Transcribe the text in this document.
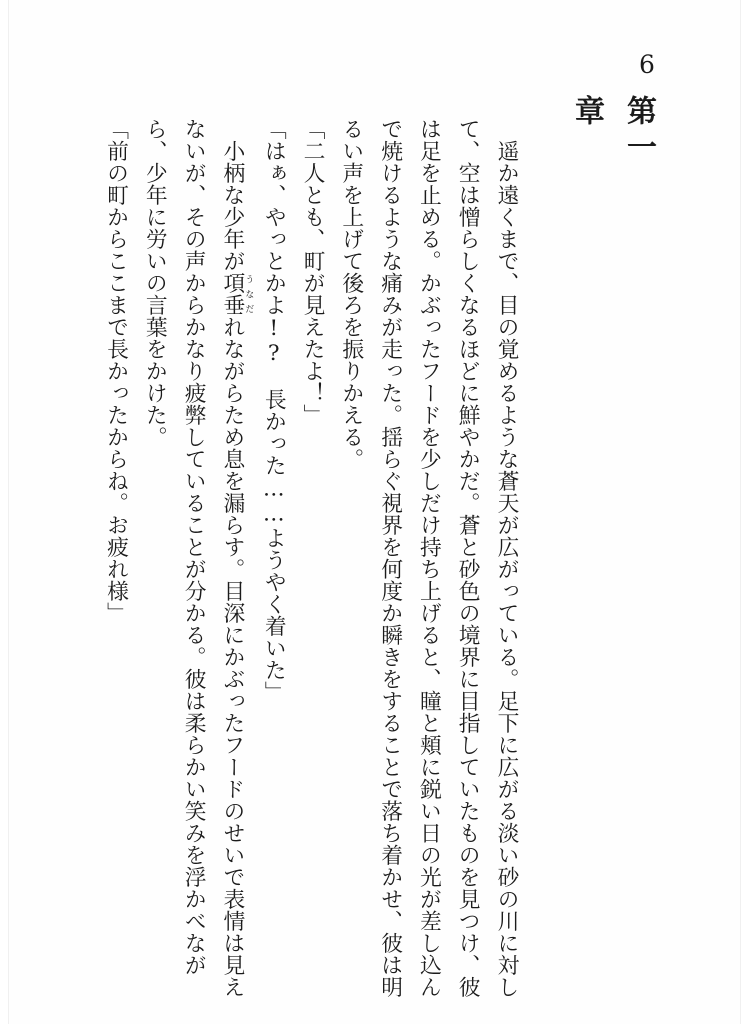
6
第一章

遥か遠くまで、目の覚めるような蒼天が広がっている。足下に広がる淡い砂の川に対して、空は憎らしくなるほどに鮮やかだ。蒼と砂色の境界に目指していたものを見つけ、彼は足を止める。かぶったフードを少しだけ持ち上げると、瞳と頬に鋭い日の光が差し込んで焼けるような痛みが走った。揺らぐ視界を何度か瞬きをすることで落ち着かせ、彼は明るい声を上げて後ろを振りかえる。

「二人とも、町が見えたよ！」

「はぁ、やっとかよ!?　長かった……ようやく着いた」

小柄な少年が項垂うなだれながらため息を漏らす。目深にかぶったフードのせいで表情は見えないが、その声からかなり疲弊していることが分かる。彼は柔らかい笑みを浮かべながら、少年に労いの言葉をかけた。

「前の町からここまで長かったからね。お疲れ様」
